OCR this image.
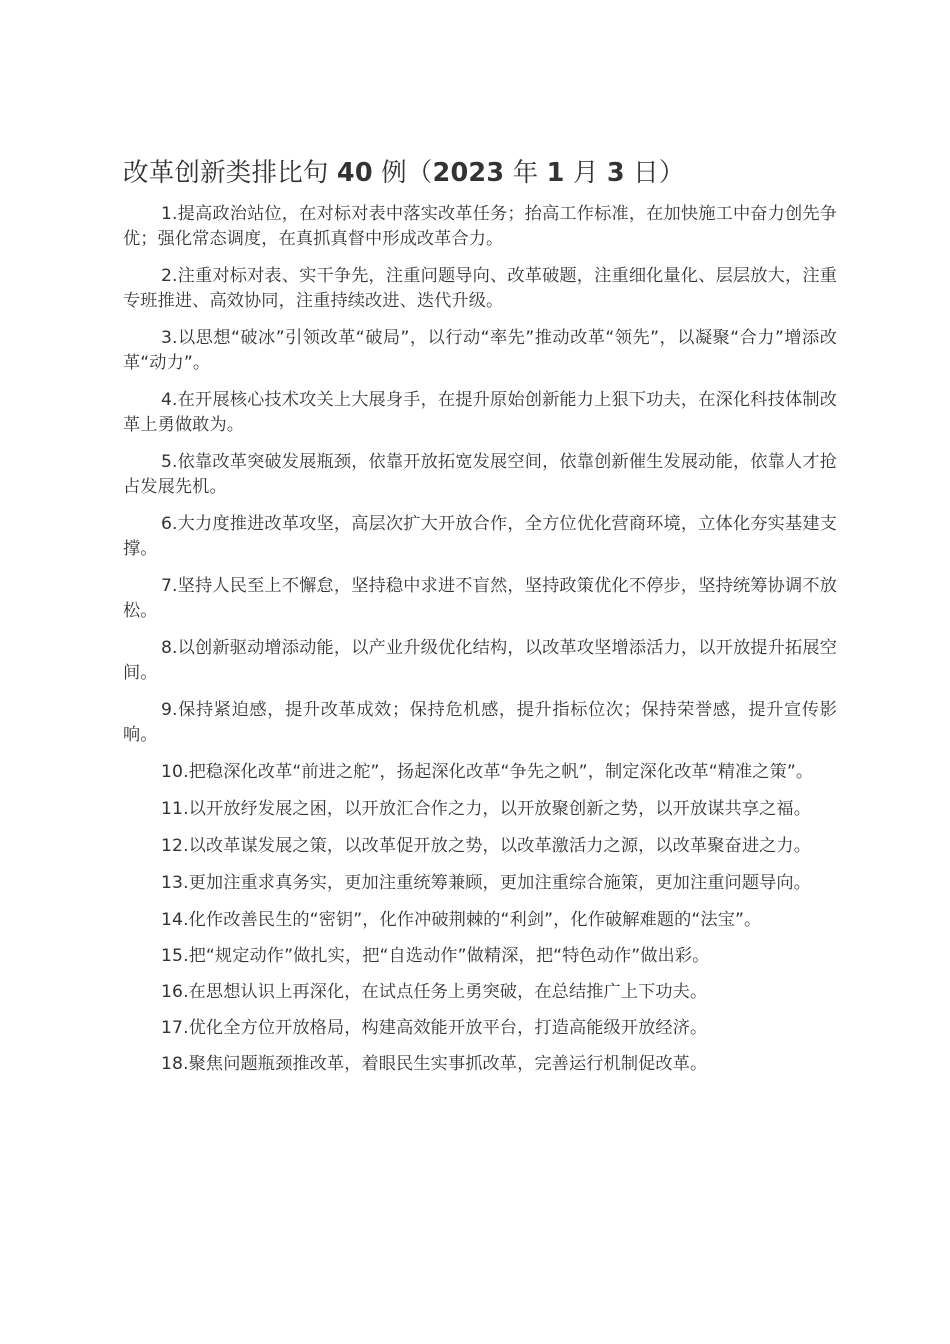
改革创新类排比句 40 例（2023 年 1 月 3 日）

1.提高政治站位，在对标对表中落实改革任务；抬高工作标准，在加快施工中奋力创先争优；强化常态调度，在真抓真督中形成改革合力。

2.注重对标对表、实干争先，注重问题导向、改革破题，注重细化量化、层层放大，注重专班推进、高效协同，注重持续改进、迭代升级。

3.以思想“破冰”引领改革“破局”，以行动“率先”推动改革“领先”，以凝聚“合力”增添改革“动力”。

4.在开展核心技术攻关上大展身手，在提升原始创新能力上狠下功夫，在深化科技体制改革上勇做敢为。

5.依靠改革突破发展瓶颈，依靠开放拓宽发展空间，依靠创新催生发展动能，依靠人才抢占发展先机。

6.大力度推进改革攻坚，高层次扩大开放合作，全方位优化营商环境，立体化夯实基建支撑。

7.坚持人民至上不懈怠，坚持稳中求进不盲然，坚持政策优化不停步，坚持统筹协调不放松。

8.以创新驱动增添动能，以产业升级优化结构，以改革攻坚增添活力，以开放提升拓展空间。

9.保持紧迫感，提升改革成效；保持危机感，提升指标位次；保持荣誉感，提升宣传影响。

10.把稳深化改革“前进之舵”，扬起深化改革“争先之帆”，制定深化改革“精准之策”。

11.以开放纾发展之困，以开放汇合作之力，以开放聚创新之势，以开放谋共享之福。

12.以改革谋发展之策，以改革促开放之势，以改革激活力之源，以改革聚奋进之力。

13.更加注重求真务实，更加注重统筹兼顾，更加注重综合施策，更加注重问题导向。

14.化作改善民生的“密钥”，化作冲破荆棘的“利剑”，化作破解难题的“法宝”。

15.把“规定动作”做扎实，把“自选动作”做精深，把“特色动作”做出彩。

16.在思想认识上再深化，在试点任务上勇突破，在总结推广上下功夫。

17.优化全方位开放格局，构建高效能开放平台，打造高能级开放经济。

18.聚焦问题瓶颈推改革，着眼民生实事抓改革，完善运行机制促改革。
